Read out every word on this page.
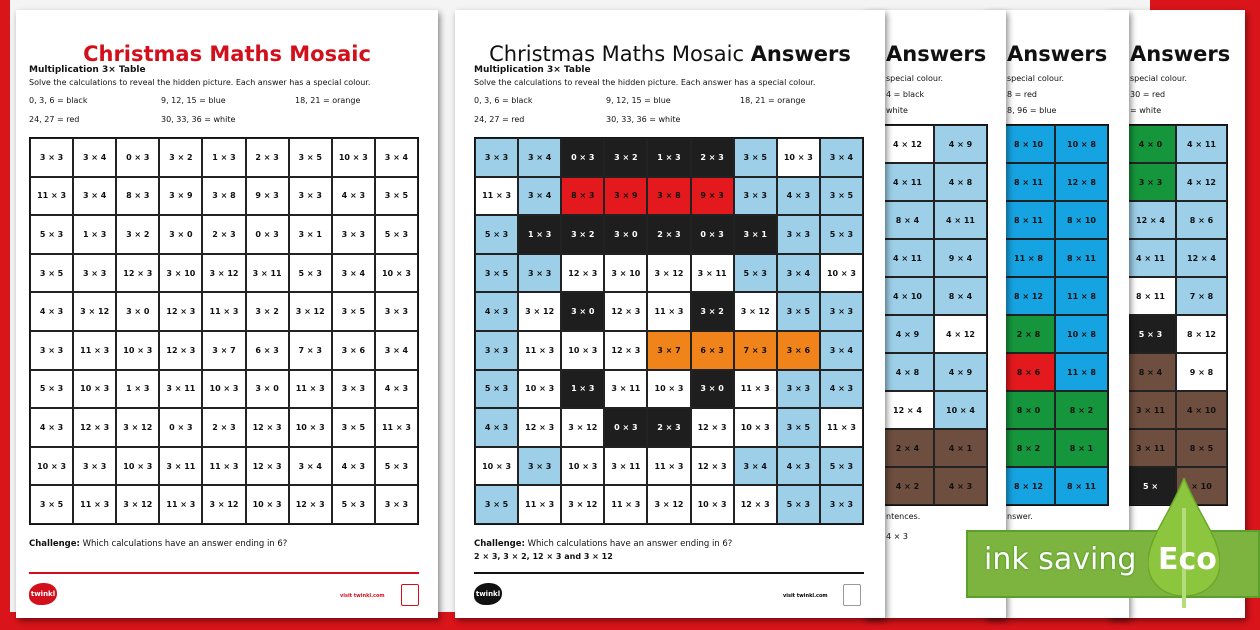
Answers
special colour.
4 = black
white
4 × 12	4 × 9
4 × 11	4 × 8
8 × 4	4 × 11
4 × 11	9 × 4
4 × 10	8 × 4
4 × 9	4 × 12
4 × 8	4 × 9
12 × 4	10 × 4
2 × 4	4 × 1
4 × 2	4 × 3
ntences.
4 × 3
Answers
special colour.
8 = red
8, 96 = blue
8 × 10	10 × 8
8 × 11	12 × 8
8 × 11	8 × 10
11 × 8	8 × 11
8 × 12	11 × 8
2 × 8	10 × 8
8 × 6	11 × 8
8 × 0	8 × 2
8 × 2	8 × 1
8 × 12	8 × 11
nswer.
Answers
special colour.
30 = red
= white
4 × 0	4 × 11
3 × 3	4 × 12
12 × 4	8 × 6
4 × 11	12 × 4
8 × 11	7 × 8
5 × 3	8 × 12
8 × 4	9 × 8
3 × 11	4 × 10
3 × 11	8 × 5
5 ×	× 10
Christmas Maths Mosaic Answers
Multiplication 3× Table
Solve the calculations to reveal the hidden picture. Each answer has a special colour.
0, 3, 6 = black	9, 12, 15 = blue	18, 21 = orange
24, 27 = red	30, 33, 36 = white
3 × 3	3 × 4	0 × 3	3 × 2	1 × 3	2 × 3	3 × 5	10 × 3	3 × 4
11 × 3	3 × 4	8 × 3	3 × 9	3 × 8	9 × 3	3 × 3	4 × 3	3 × 5
5 × 3	1 × 3	3 × 2	3 × 0	2 × 3	0 × 3	3 × 1	3 × 3	5 × 3
3 × 5	3 × 3	12 × 3	3 × 10	3 × 12	3 × 11	5 × 3	3 × 4	10 × 3
4 × 3	3 × 12	3 × 0	12 × 3	11 × 3	3 × 2	3 × 12	3 × 5	3 × 3
3 × 3	11 × 3	10 × 3	12 × 3	3 × 7	6 × 3	7 × 3	3 × 6	3 × 4
5 × 3	10 × 3	1 × 3	3 × 11	10 × 3	3 × 0	11 × 3	3 × 3	4 × 3
4 × 3	12 × 3	3 × 12	0 × 3	2 × 3	12 × 3	10 × 3	3 × 5	11 × 3
10 × 3	3 × 3	10 × 3	3 × 11	11 × 3	12 × 3	3 × 4	4 × 3	5 × 3
3 × 5	11 × 3	3 × 12	11 × 3	3 × 12	10 × 3	12 × 3	5 × 3	3 × 3
Challenge: Which calculations have an answer ending in 6?
2 × 3, 3 × 2, 12 × 3 and 3 × 12
twinkl	visit twinkl.com
Christmas Maths Mosaic
Multiplication 3× Table
Solve the calculations to reveal the hidden picture. Each answer has a special colour.
0, 3, 6 = black	9, 12, 15 = blue	18, 21 = orange
24, 27 = red	30, 33, 36 = white
3 × 3	3 × 4	0 × 3	3 × 2	1 × 3	2 × 3	3 × 5	10 × 3	3 × 4
11 × 3	3 × 4	8 × 3	3 × 9	3 × 8	9 × 3	3 × 3	4 × 3	3 × 5
5 × 3	1 × 3	3 × 2	3 × 0	2 × 3	0 × 3	3 × 1	3 × 3	5 × 3
3 × 5	3 × 3	12 × 3	3 × 10	3 × 12	3 × 11	5 × 3	3 × 4	10 × 3
4 × 3	3 × 12	3 × 0	12 × 3	11 × 3	3 × 2	3 × 12	3 × 5	3 × 3
3 × 3	11 × 3	10 × 3	12 × 3	3 × 7	6 × 3	7 × 3	3 × 6	3 × 4
5 × 3	10 × 3	1 × 3	3 × 11	10 × 3	3 × 0	11 × 3	3 × 3	4 × 3
4 × 3	12 × 3	3 × 12	0 × 3	2 × 3	12 × 3	10 × 3	3 × 5	11 × 3
10 × 3	3 × 3	10 × 3	3 × 11	11 × 3	12 × 3	3 × 4	4 × 3	5 × 3
3 × 5	11 × 3	3 × 12	11 × 3	3 × 12	10 × 3	12 × 3	5 × 3	3 × 3
Challenge: Which calculations have an answer ending in 6?
twinkl	visit twinkl.com
ink saving Eco
